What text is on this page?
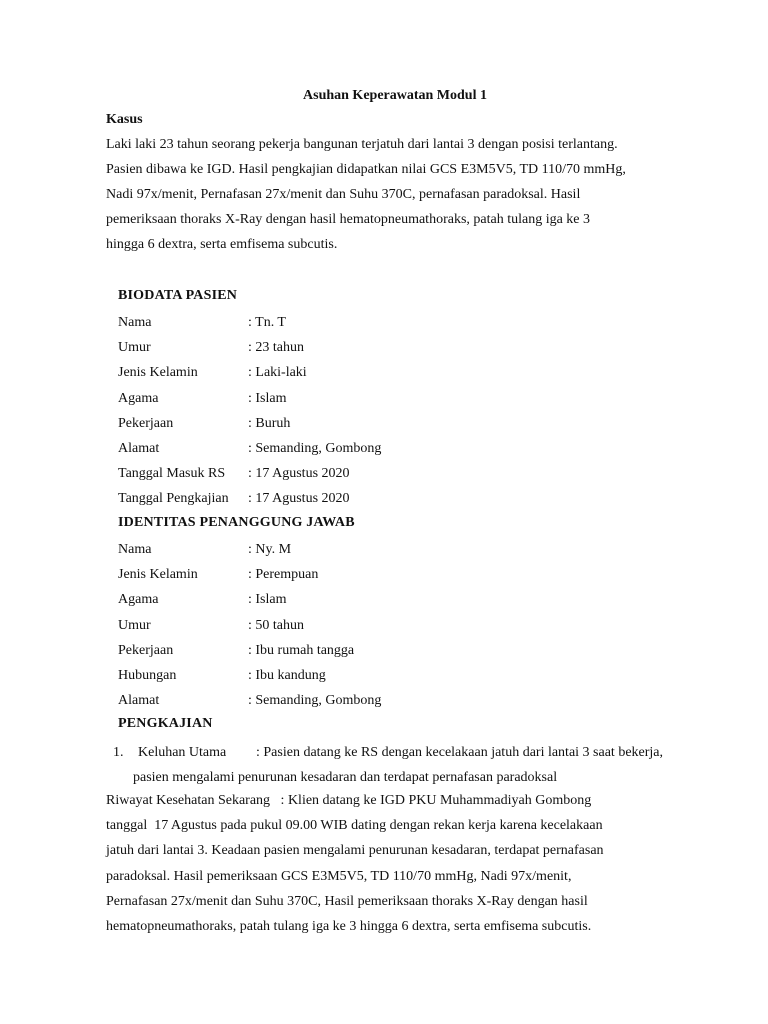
Asuhan Keperawatan Modul 1
Kasus
Laki laki 23 tahun seorang pekerja bangunan terjatuh dari lantai 3 dengan posisi terlantang.
Pasien dibawa ke IGD. Hasil pengkajian didapatkan nilai GCS E3M5V5, TD 110/70 mmHg,
Nadi 97x/menit, Pernafasan 27x/menit dan Suhu 370C, pernafasan paradoksal. Hasil
pemeriksaan thoraks X-Ray dengan hasil hematopneumathoraks, patah tulang iga ke 3
hingga 6 dextra, serta emfisema subcutis.
BIODATA PASIEN
Nama	: Tn. T
Umur	: 23 tahun
Jenis Kelamin	: Laki-laki
Agama	: Islam
Pekerjaan	: Buruh
Alamat	: Semanding, Gombong
Tanggal Masuk RS : 17 Agustus 2020
Tanggal Pengkajian : 17 Agustus 2020
IDENTITAS PENANGGUNG JAWAB
Nama	: Ny. M
Jenis Kelamin	: Perempuan
Agama	: Islam
Umur	: 50 tahun
Pekerjaan	: Ibu rumah tangga
Hubungan	: Ibu kandung
Alamat	: Semanding, Gombong
PENGKAJIAN
1. Keluhan Utama : Pasien datang ke RS dengan kecelakaan jatuh dari lantai 3 saat bekerja,
pasien mengalami penurunan kesadaran dan terdapat pernafasan paradoksal
Riwayat Kesehatan Sekarang   : Klien datang ke IGD PKU Muhammadiyah Gombong
tanggal  17 Agustus pada pukul 09.00 WIB dating dengan rekan kerja karena kecelakaan
jatuh dari lantai 3. Keadaan pasien mengalami penurunan kesadaran, terdapat pernafasan
paradoksal. Hasil pemeriksaan GCS E3M5V5, TD 110/70 mmHg, Nadi 97x/menit,
Pernafasan 27x/menit dan Suhu 370C, Hasil pemeriksaan thoraks X-Ray dengan hasil
hematopneumathoraks, patah tulang iga ke 3 hingga 6 dextra, serta emfisema subcutis.
